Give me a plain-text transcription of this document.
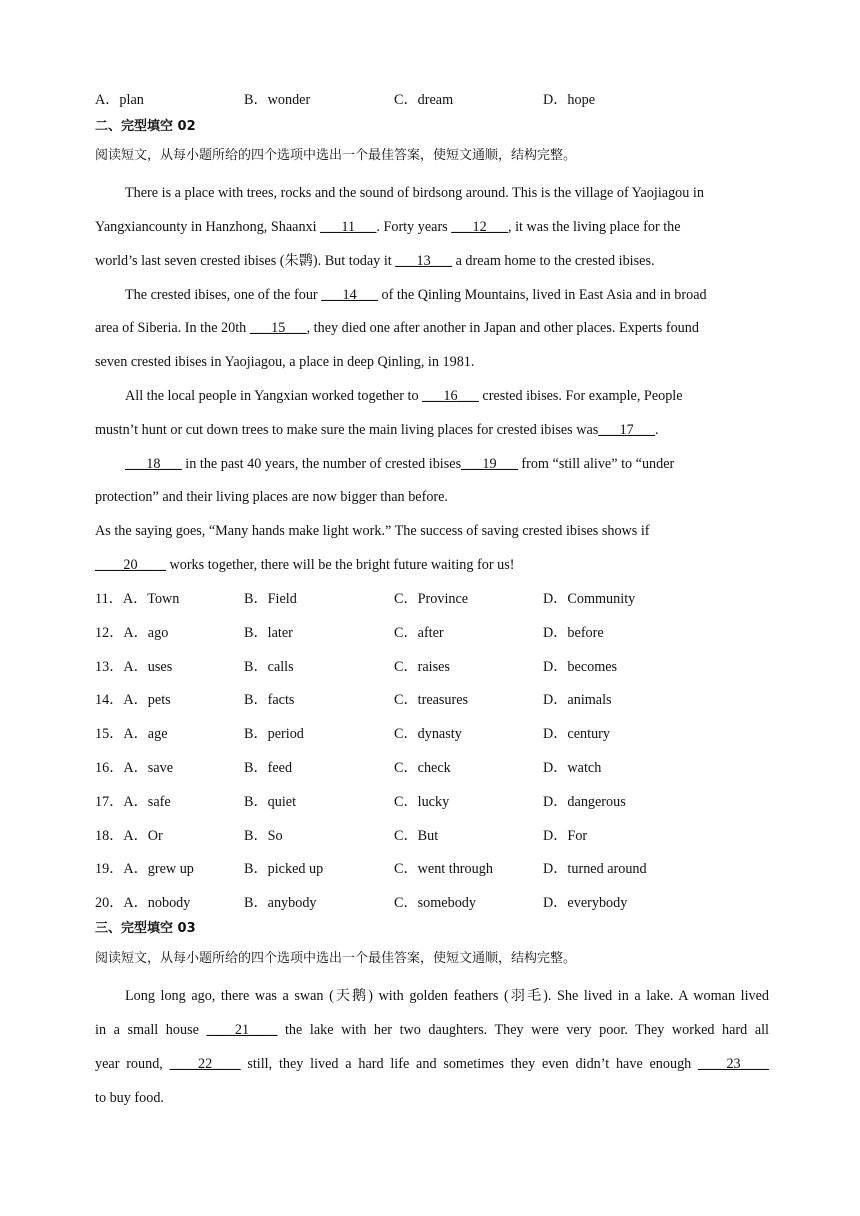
A．plan	B．wonder	C．dream	D．hope
二、完型填空 02
阅读短文，从每小题所给的四个选项中选出一个最佳答案，使短文通顺，结构完整。
There is a place with trees, rocks and the sound of birdsong around. This is the village of Yaojiagou in
Yangxiancounty in Hanzhong, Shaanxi ___11___. Forty years ___12___, it was the living place for the
world’s last seven crested ibises (朱鹮). But today it ___13___ a dream home to the crested ibises.
The crested ibises, one of the four ___14___ of the Qinling Mountains, lived in East Asia and in broad
area of Siberia. In the 20th ___15___, they died one after another in Japan and other places. Experts found
seven crested ibises in Yaojiagou, a place in deep Qinling, in 1981.
All the local people in Yangxian worked together to ___16___ crested ibises. For example, People
mustn’t hunt or cut down trees to make sure the main living places for crested ibises was___17___.
___18___ in the past 40 years, the number of crested ibises___19___ from “still alive” to “under
protection” and their living places are now bigger than before.
As the saying goes, “Many hands make light work.” The success of saving crested ibises shows if
____20____ works together, there will be the bright future waiting for us!
11．A．Town	B．Field	C．Province	D．Community
12．A．ago	B．later	C．after	D．before
13．A．uses	B．calls	C．raises	D．becomes
14．A．pets	B．facts	C．treasures	D．animals
15．A．age	B．period	C．dynasty	D．century
16．A．save	B．feed	C．check	D．watch
17．A．safe	B．quiet	C．lucky	D．dangerous
18．A．Or	B．So	C．But	D．For
19．A．grew up	B．picked up	C．went through	D．turned around
20．A．nobody	B．anybody	C．somebody	D．everybody
三、完型填空 03
阅读短文，从每小题所给的四个选项中选出一个最佳答案，使短文通顺，结构完整。
Long long ago, there was a swan (天鹅) with golden feathers (羽毛). She lived in a lake. A woman lived
in a small house ____21____ the lake with her two daughters. They were very poor. They worked hard all
year round, ____22____ still, they lived a hard life and sometimes they even didn’t have enough ____23____
to buy food.
